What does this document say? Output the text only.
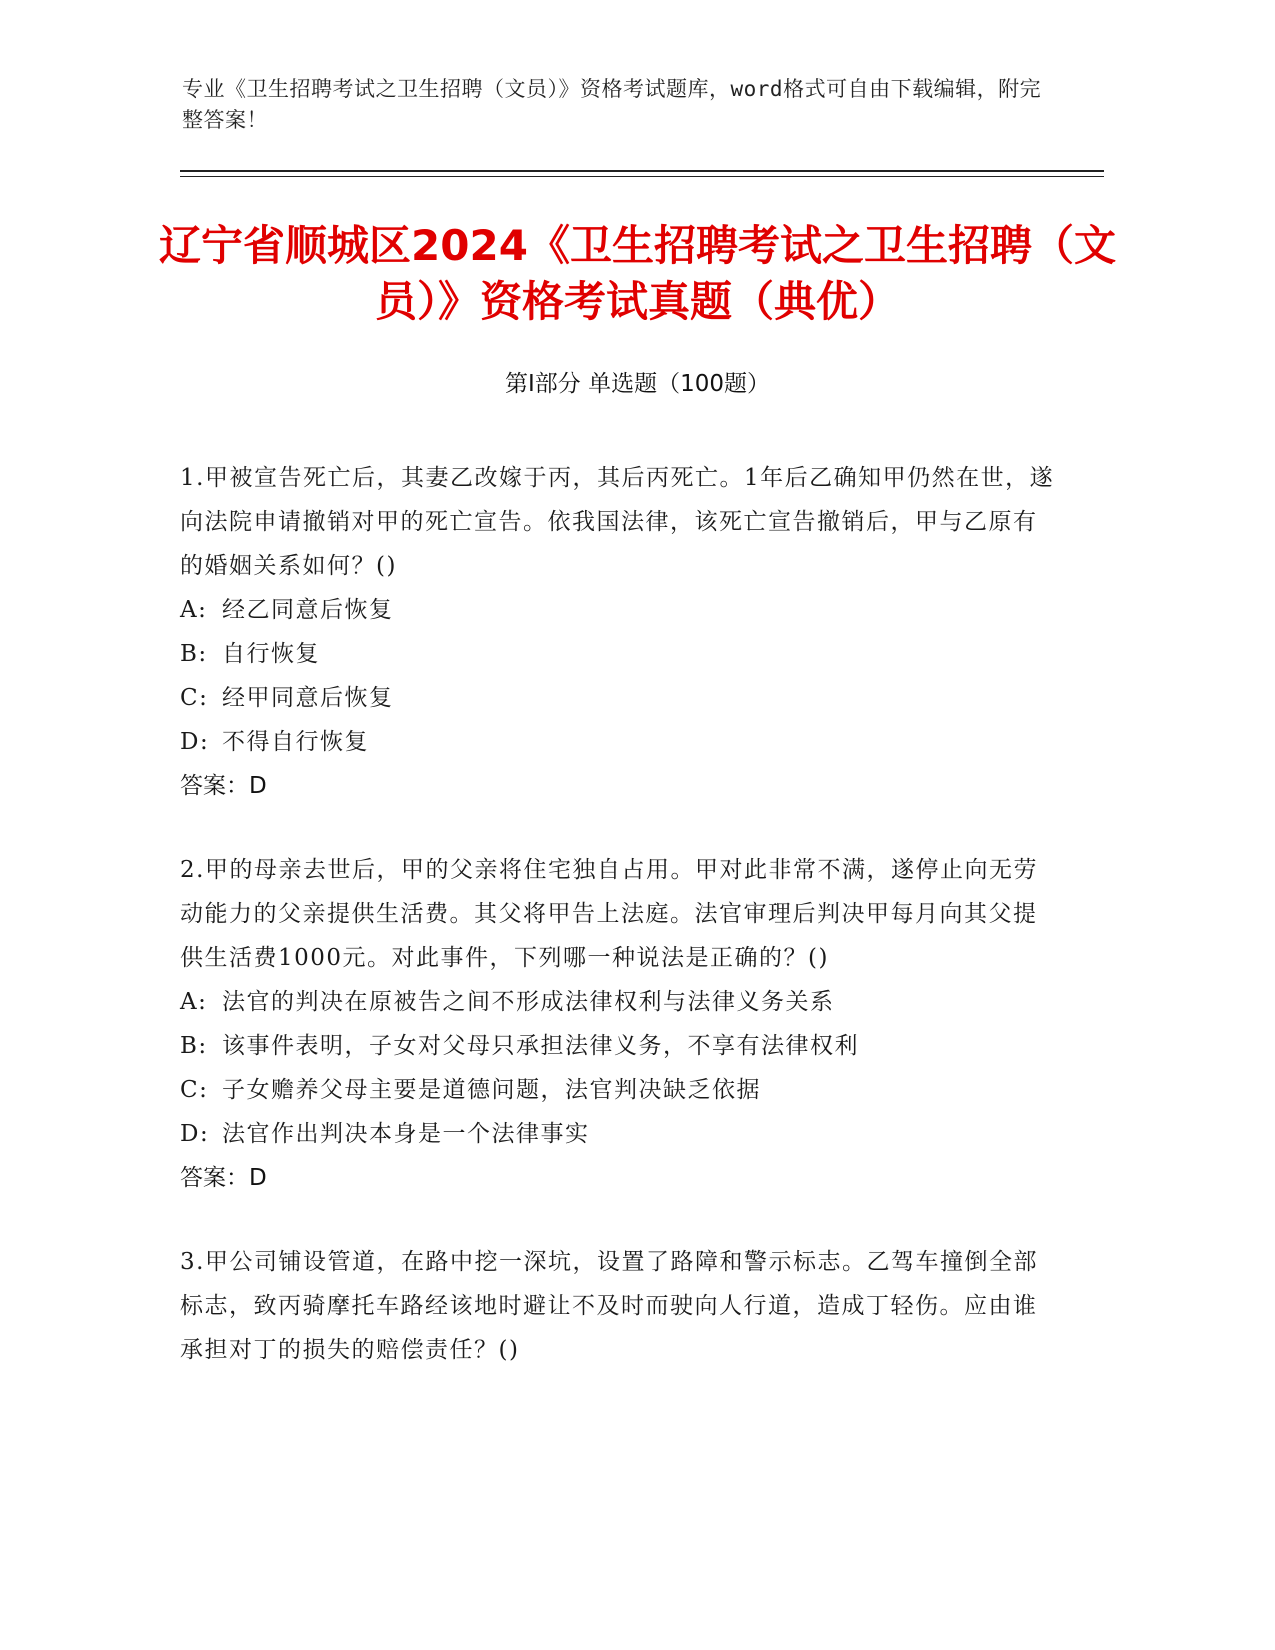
专业《卫生招聘考试之卫生招聘（文员）》资格考试题库，word格式可自由下载编辑，附完整答案！
辽宁省顺城区2024《卫生招聘考试之卫生招聘（文员）》资格考试真题（典优）
第Ⅰ部分 单选题（100题）
1.甲被宣告死亡后，其妻乙改嫁于丙，其后丙死亡。1年后乙确知甲仍然在世，遂向法院申请撤销对甲的死亡宣告。依我国法律，该死亡宣告撤销后，甲与乙原有的婚姻关系如何？()
A: 经乙同意后恢复
B: 自行恢复
C: 经甲同意后恢复
D: 不得自行恢复
答案：D
2.甲的母亲去世后，甲的父亲将住宅独自占用。甲对此非常不满，遂停止向无劳动能力的父亲提供生活费。其父将甲告上法庭。法官审理后判决甲每月向其父提供生活费1000元。对此事件，下列哪一种说法是正确的？()
A: 法官的判决在原被告之间不形成法律权利与法律义务关系
B: 该事件表明，子女对父母只承担法律义务，不享有法律权利
C: 子女赡养父母主要是道德问题，法官判决缺乏依据
D: 法官作出判决本身是一个法律事实
答案：D
3.甲公司铺设管道，在路中挖一深坑，设置了路障和警示标志。乙驾车撞倒全部标志，致丙骑摩托车路经该地时避让不及时而驶向人行道，造成丁轻伤。应由谁承担对丁的损失的赔偿责任？()
